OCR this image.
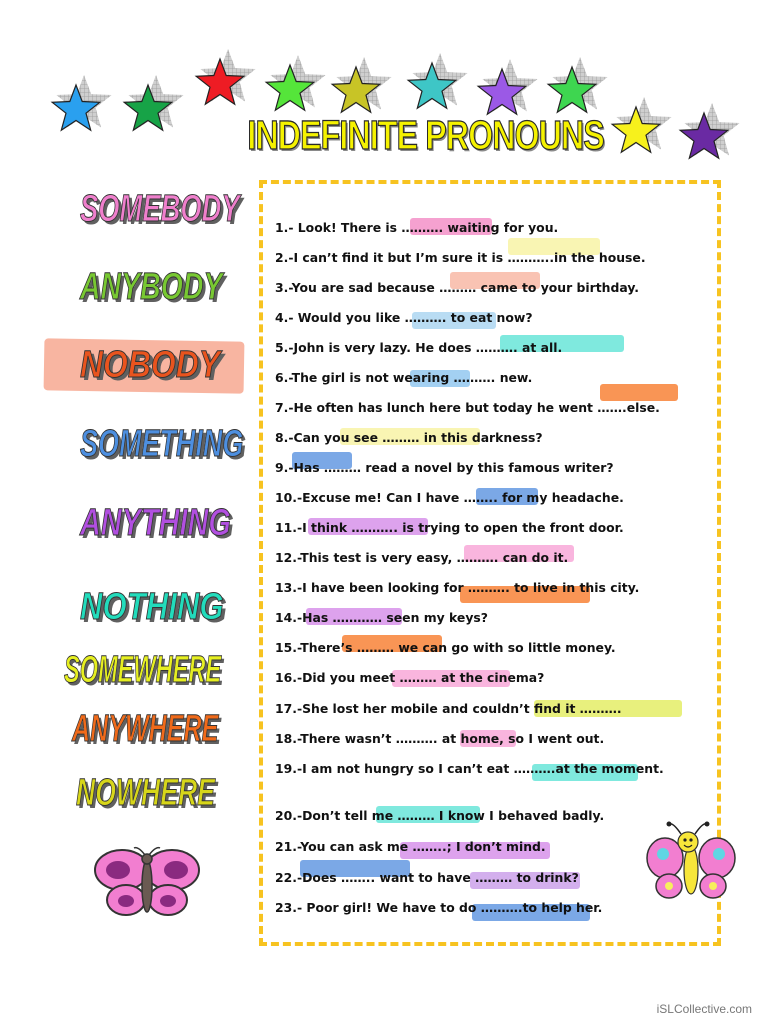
INDEFINITE PRONOUNS
SOMEBODY
ANYBODY
NOBODY
SOMETHING
ANYTHING
NOTHING
SOMEWHERE
ANYWHERE
NOWHERE
1.- Look! There is ………. waiting for you.
2.-I can’t find it but I’m sure it is ………..in the house.
3.-You are sad because ……… came to your birthday.
4.- Would you like ………. to eat now?
5.-John is very lazy. He does ………. at all.
6.-The girl is not wearing ………. new.
7.-He often has lunch here but today he went …….else.
8.-Can you see ……… in this darkness?
9.-Has ……… read a novel by this famous writer?
10.-Excuse me! Can I have …….. for my headache.
11.-I think ……….. is trying to open the front door.
12.-This test is very easy, ………. can do it.
13.-I have been looking for ………. to live in this city.
14.-Has ………… seen my keys?
15.-There’s ……… we can go with so little money.
16.-Did you meet ……… at the cinema?
17.-She lost her mobile and couldn’t find it ……….
18.-There wasn’t ………. at home, so I went out.
19.-I am not hungry so I can’t eat ……….at the moment.
20.-Don’t tell me ……… I know I behaved badly.
21.-You can ask me ……..; I don’t mind.
22.-Does …….. want to have ……… to drink?
23.- Poor girl! We have to do ……….to help her.
iSLCollective.com
